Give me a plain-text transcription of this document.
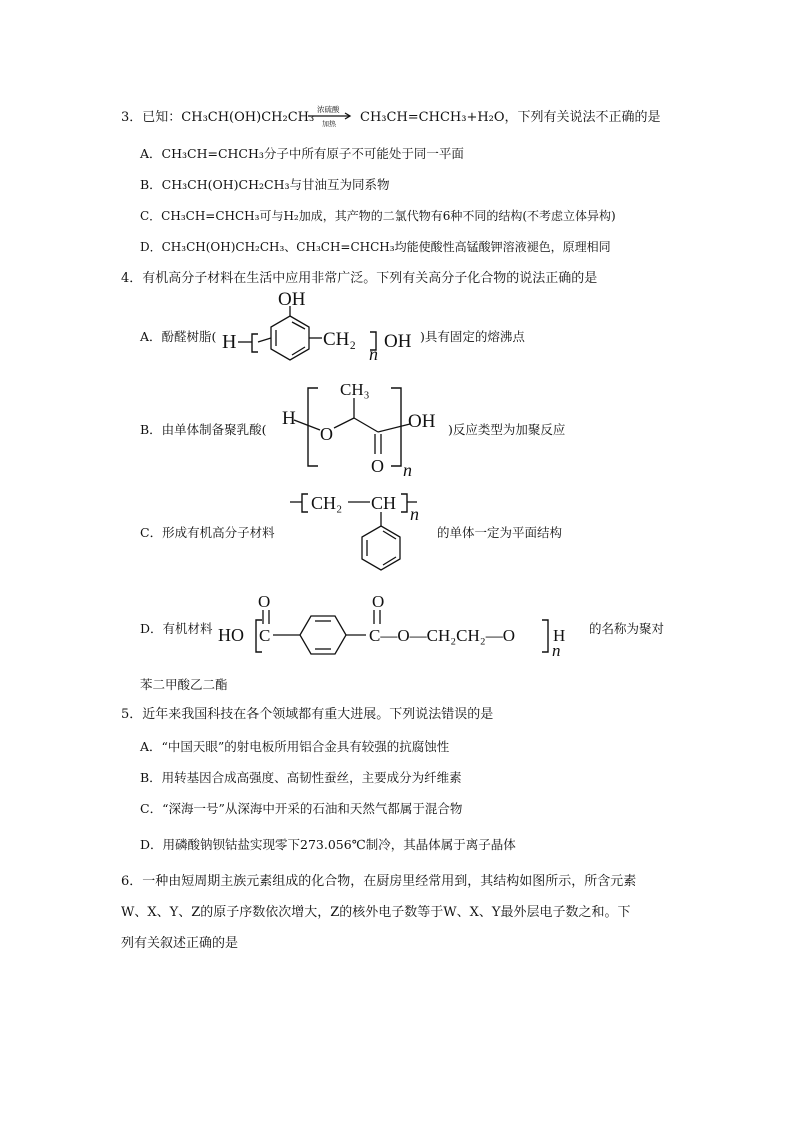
3．已知：CH₃CH(OH)CH₂CH₃
浓硫酸
加热 CH₃CH=CHCH₃+H₂O，下列有关说法不正确的是
A．CH₃CH=CHCH₃分子中所有原子不可能处于同一平面
B．CH₃CH(OH)CH₂CH₃与甘油互为同系物
C．CH₃CH=CHCH₃可与H₂加成，其产物的二氯代物有6种不同的结构(不考虑立体异构)
D．CH₃CH(OH)CH₂CH₃、CH₃CH=CHCH₃均能使酸性高锰酸钾溶液褪色，原理相同
4．有机高分子材料在生活中应用非常广泛。下列有关高分子化合物的说法正确的是
A．酚醛树脂( H
OH
CH₂
n
OH )具有固定的熔沸点
B．由单体制备聚乳酸(
H
O
CH₃
O
OH
n
)反应类型为加聚反应
C．形成有机高分子材料
CH₂ CH
n
的单体一定为平面结构
D．有机材料 HO
O
C
O
C—O—CH₂CH₂—O H
n
的名称为聚对
苯二甲酸乙二酯
5．近年来我国科技在各个领域都有重大进展。下列说法错误的是
A．“中国天眼”的射电板所用铝合金具有较强的抗腐蚀性
B．用转基因合成高强度、高韧性蚕丝，主要成分为纤维素
C．“深海一号”从深海中开采的石油和天然气都属于混合物
D．用磷酸钠钡钴盐实现零下273.056℃制冷，其晶体属于离子晶体
6．一种由短周期主族元素组成的化合物，在厨房里经常用到，其结构如图所示，所含元素
W、X、Y、Z的原子序数依次增大，Z的核外电子数等于W、X、Y最外层电子数之和。下
列有关叙述正确的是
